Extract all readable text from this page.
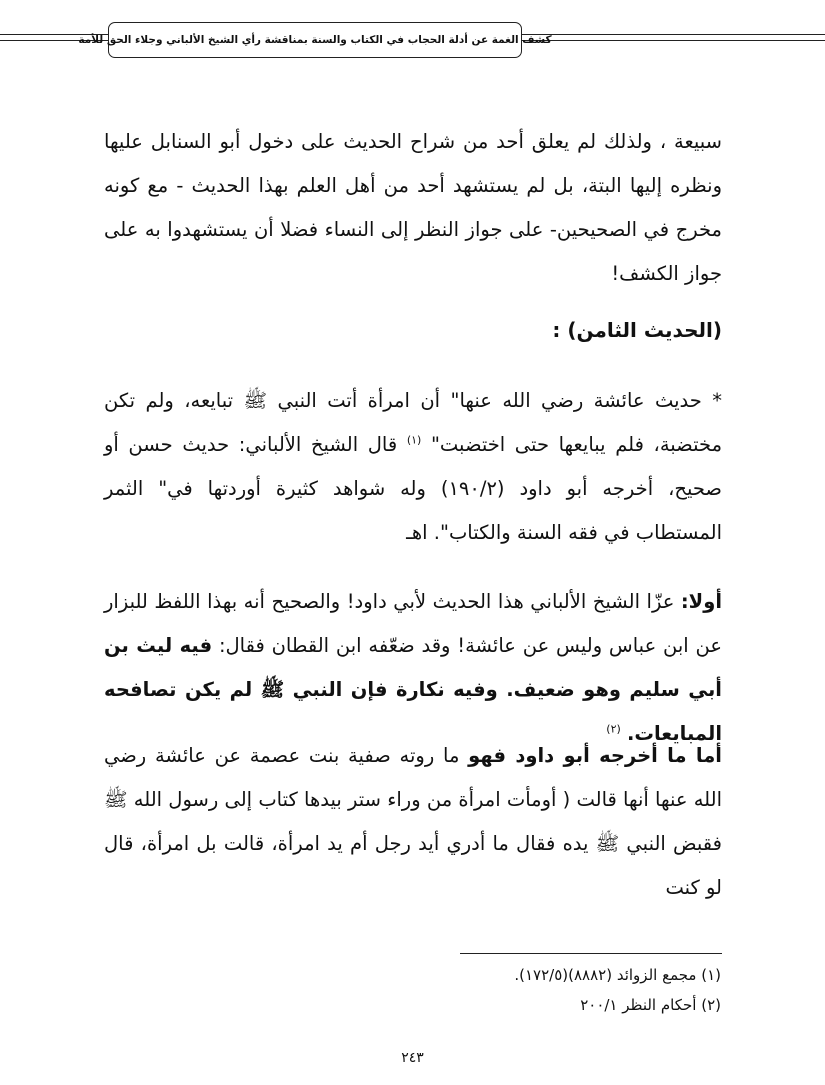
كشف الغمة عن أدلة الحجاب في الكتاب والسنة بمناقشة رأي الشيخ الألباني وجلاء الحق للأمة
سبيعة ، ولذلك لم يعلق أحد من شراح الحديث على دخول أبو السنابل عليها ونظره إليها البتة، بل لم يستشهد أحد من أهل العلم بهذا الحديث - مع كونه مخرج في الصحيحين- على جواز النظر إلى النساء فضلا أن يستشهدوا به على جواز الكشف!
(الحديث الثامن) :
* حديث عائشة رضي الله عنها" أن امرأة أتت النبي ﷺ تبايعه، ولم تكن مختضبة، فلم يبايعها حتى اختضبت" $^{(١)}$ قال الشيخ الألباني: حديث حسن أو صحيح، أخرجه أبو داود (١٩٠/٢) وله شواهد كثيرة أوردتها في" الثمر المستطاب في فقه السنة والكتاب". اهـ
أولا: عزّا الشيخ الألباني هذا الحديث لأبي داود! والصحيح أنه بهذا اللفظ للبزار عن ابن عباس وليس عن عائشة! وقد ضعّفه ابن القطان فقال: فيه ليث بن أبي سليم وهو ضعيف. وفيه نكارة فإن النبي ﷺ لم يكن تصافحه المبايعات. $^{(٢)}$
أما ما أخرجه أبو داود فهو ما روته صفية بنت عصمة عن عائشة رضي الله عنها أنها قالت ( أومأت امرأة من وراء ستر بيدها كتاب إلى رسول الله ﷺ فقبض النبي ﷺ يده فقال ما أدري أيد رجل أم يد امرأة، قالت بل امرأة، قال لو كنت
(١) مجمع الزوائد (٨٨٨٢)(١٧٢/٥).
(٢) أحكام النظر ٢٠٠/١
٢٤٣
